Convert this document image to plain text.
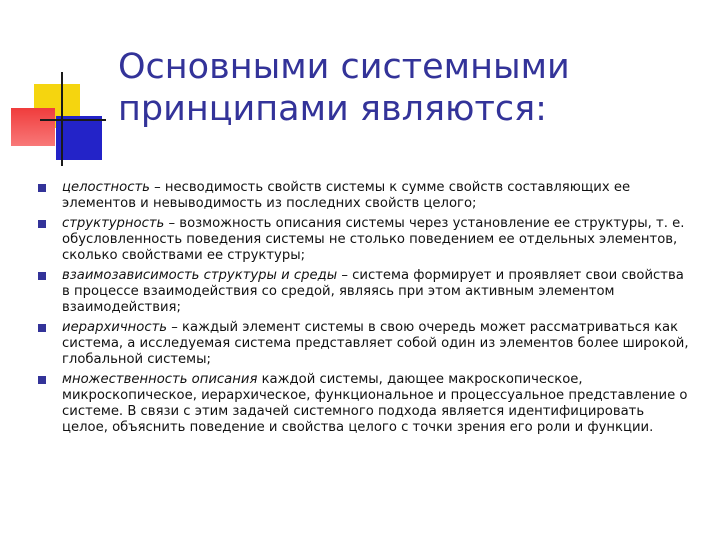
Основными системными
принципами являются:
целостность – несводимость свойств системы к сумме свойств составляющих ее элементов и невыводимость из последних свойств целого;
структурность – возможность описания системы через установление ее структуры, т. е. обусловленность поведения системы не столько поведением ее отдельных элементов, сколько свойствами ее структуры;
взаимозависимость структуры и среды – система формирует и проявляет свои свойства в процессе взаимодействия со средой, являясь при этом активным элементом взаимодействия;
иерархичность – каждый элемент системы в свою очередь может рассматриваться как система, а исследуемая система представляет собой один из элементов более широкой, глобальной системы;
множественность описания каждой системы, дающее макроскопическое, микроскопическое, иерархическое, функциональное и процессуальное представление о системе. В связи с этим задачей системного подхода является идентифицировать целое, объяснить поведение и свойства целого с точки зрения его роли и функции.
